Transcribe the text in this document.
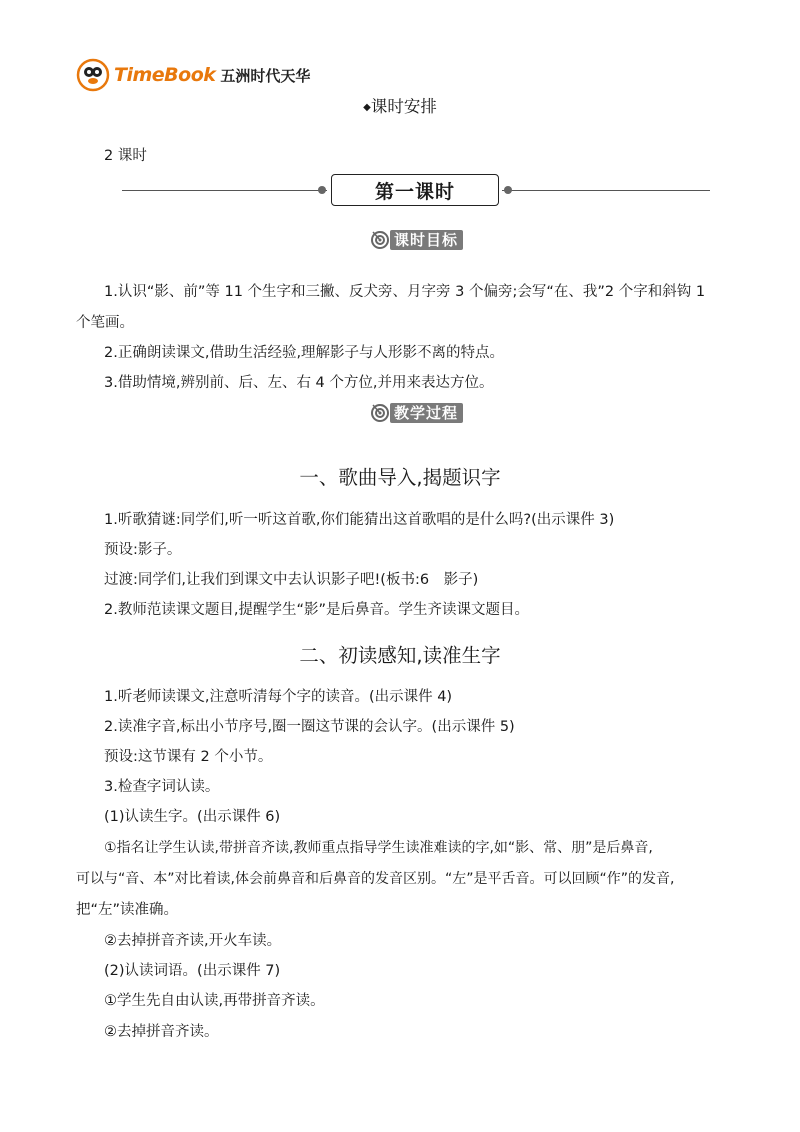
TimeBook 五洲时代天华
◆课时安排
2 课时
第一课时
课时目标
1.认识“影、前”等 11 个生字和三撇、反犬旁、月字旁 3 个偏旁;会写“在、我”2 个字和斜钩 1
个笔画。
2.正确朗读课文,借助生活经验,理解影子与人形影不离的特点。
3.借助情境,辨别前、后、左、右 4 个方位,并用来表达方位。
教学过程
一、歌曲导入,揭题识字
1.听歌猜谜:同学们,听一听这首歌,你们能猜出这首歌唱的是什么吗?(出示课件 3)
预设:影子。
过渡:同学们,让我们到课文中去认识影子吧!(板书:6　影子)
2.教师范读课文题目,提醒学生“影”是后鼻音。学生齐读课文题目。
二、初读感知,读准生字
1.听老师读课文,注意听清每个字的读音。(出示课件 4)
2.读准字音,标出小节序号,圈一圈这节课的会认字。(出示课件 5)
预设:这节课有 2 个小节。
3.检查字词认读。
(1)认读生字。(出示课件 6)
①指名让学生认读,带拼音齐读,教师重点指导学生读准难读的字,如“影、常、朋”是后鼻音,
可以与“音、本”对比着读,体会前鼻音和后鼻音的发音区别。“左”是平舌音。可以回顾“作”的发音,
把“左”读准确。
②去掉拼音齐读,开火车读。
(2)认读词语。(出示课件 7)
①学生先自由认读,再带拼音齐读。
②去掉拼音齐读。
